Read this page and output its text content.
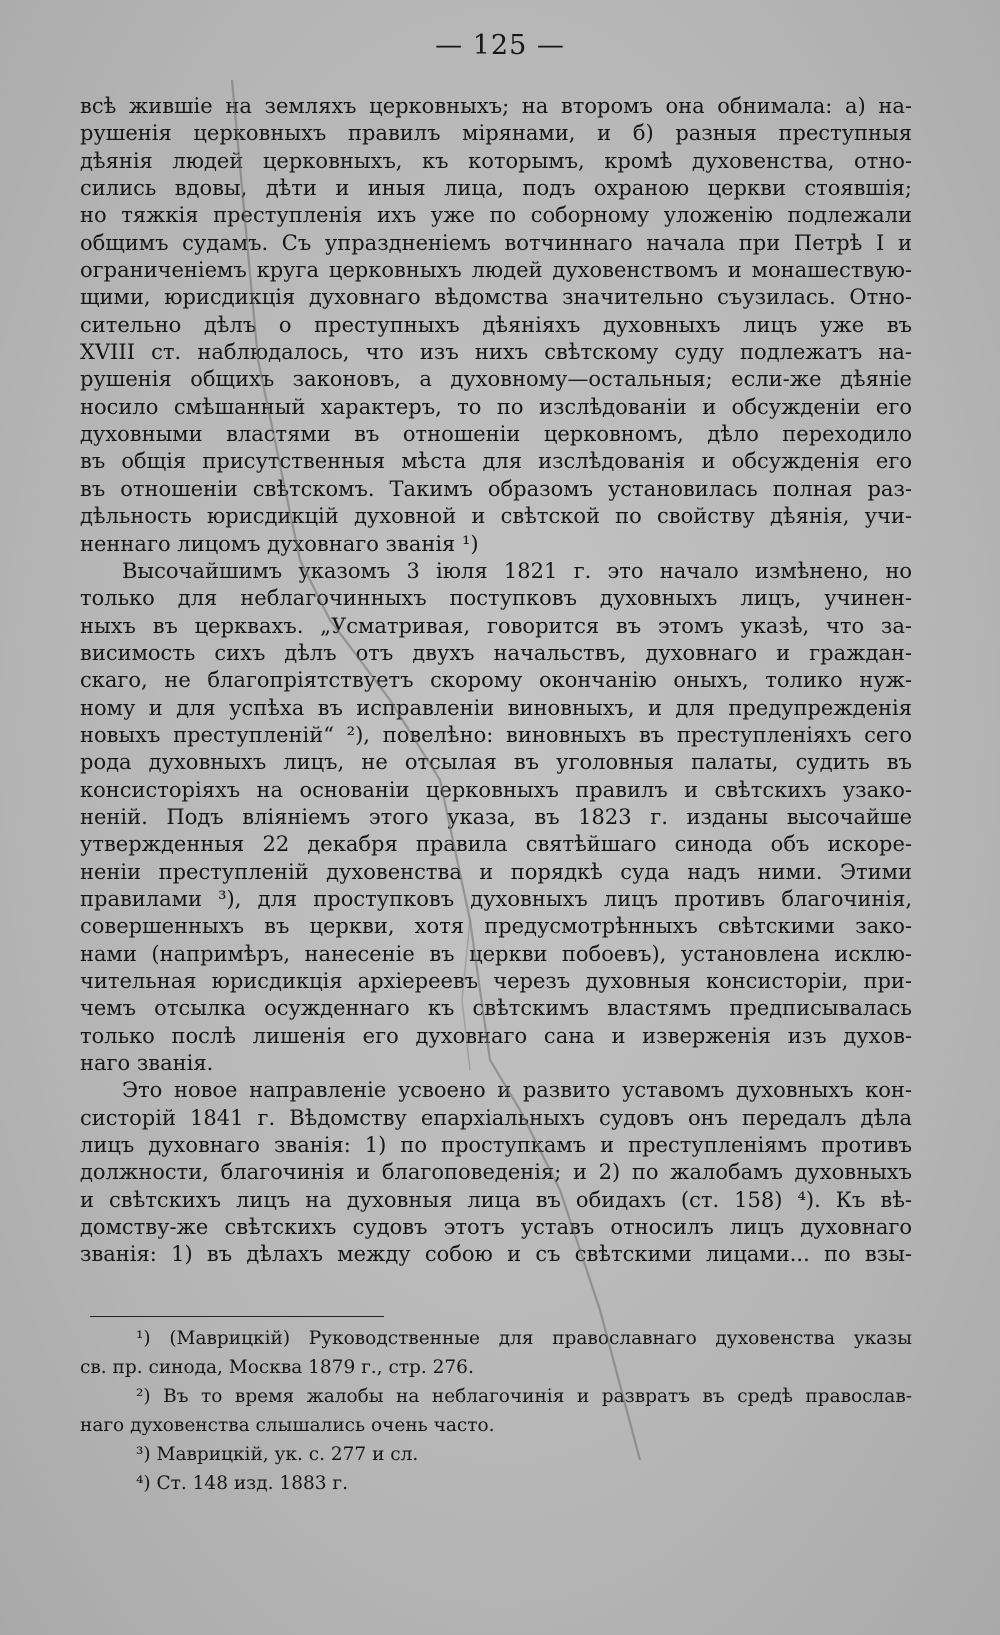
— 125 —
всѣ жившіе на земляхъ церковныхъ; на второмъ она обнимала: а) на-
рушенія церковныхъ правилъ мірянами, и б) разныя преступныя
дѣянія людей церковныхъ, къ которымъ, кромѣ духовенства, отно-
сились вдовы, дѣти и иныя лица, подъ охраною церкви стоявшія;
но тяжкія преступленія ихъ уже по соборному уложенію подлежали
общимъ судамъ. Съ упраздненіемъ вотчиннаго начала при Петрѣ I и
ограниченіемъ круга церковныхъ людей духовенствомъ и монашествую-
щими, юрисдикція духовнаго вѣдомства значительно съузилась. Отно-
сительно дѣлъ о преступныхъ дѣяніяхъ духовныхъ лицъ уже въ
XVIII ст. наблюдалось, что изъ нихъ свѣтскому суду подлежатъ на-
рушенія общихъ законовъ, а духовному—остальныя; если-же дѣяніе
носило смѣшанный характеръ, то по изслѣдованіи и обсужденіи его
духовными властями въ отношеніи церковномъ, дѣло переходило
въ общія присутственныя мѣста для изслѣдованія и обсужденія его
въ отношеніи свѣтскомъ. Такимъ образомъ установилась полная раз-
дѣльность юрисдикцій духовной и свѣтской по свойству дѣянія, учи-
неннаго лицомъ духовнаго званія ¹)
Высочайшимъ указомъ 3 іюля 1821 г. это начало измѣнено, но
только для неблагочинныхъ поступковъ духовныхъ лицъ, учинен-
ныхъ въ церквахъ. „Усматривая, говорится въ этомъ указѣ, что за-
висимость сихъ дѣлъ отъ двухъ начальствъ, духовнаго и граждан-
скаго, не благопріятствуетъ скорому окончанію оныхъ, толико нуж-
ному и для успѣха въ исправленіи виновныхъ, и для предупрежденія
новыхъ преступленій“ ²), повелѣно: виновныхъ въ преступленіяхъ сего
рода духовныхъ лицъ, не отсылая въ уголовныя палаты, судить въ
консисторіяхъ на основаніи церковныхъ правилъ и свѣтскихъ узако-
неній. Подъ вліяніемъ этого указа, въ 1823 г. изданы высочайше
утвержденныя 22 декабря правила святѣйшаго синода объ искоре-
неніи преступленій духовенства и порядкѣ суда надъ ними. Этими
правилами ³), для проступковъ духовныхъ лицъ противъ благочинія,
совершенныхъ въ церкви, хотя предусмотрѣнныхъ свѣтскими зако-
нами (напримѣръ, нанесеніе въ церкви побоевъ), установлена исклю-
чительная юрисдикція архіереевъ черезъ духовныя консисторіи, при-
чемъ отсылка осужденнаго къ свѣтскимъ властямъ предписывалась
только послѣ лишенія его духовнаго сана и изверженія изъ духов-
наго званія.
Это новое направленіе усвоено и развито уставомъ духовныхъ кон-
систорій 1841 г. Вѣдомству епархіальныхъ судовъ онъ передалъ дѣла
лицъ духовнаго званія: 1) по проступкамъ и преступленіямъ противъ
должности, благочинія и благоповеденія; и 2) по жалобамъ духовныхъ
и свѣтскихъ лицъ на духовныя лица въ обидахъ (ст. 158) ⁴). Къ вѣ-
домству-же свѣтскихъ судовъ этотъ уставъ относилъ лицъ духовнаго
званія: 1) въ дѣлахъ между собою и съ свѣтскими лицами... по взы-
¹) (Маврицкій) Руководственные для православнаго духовенства указы
св. пр. синода, Москва 1879 г., стр. 276.
²) Въ то время жалобы на неблагочинія и развратъ въ средѣ православ-
наго духовенства слышались очень часто.
³) Маврицкій, ук. с. 277 и сл.
⁴) Ст. 148 изд. 1883 г.
